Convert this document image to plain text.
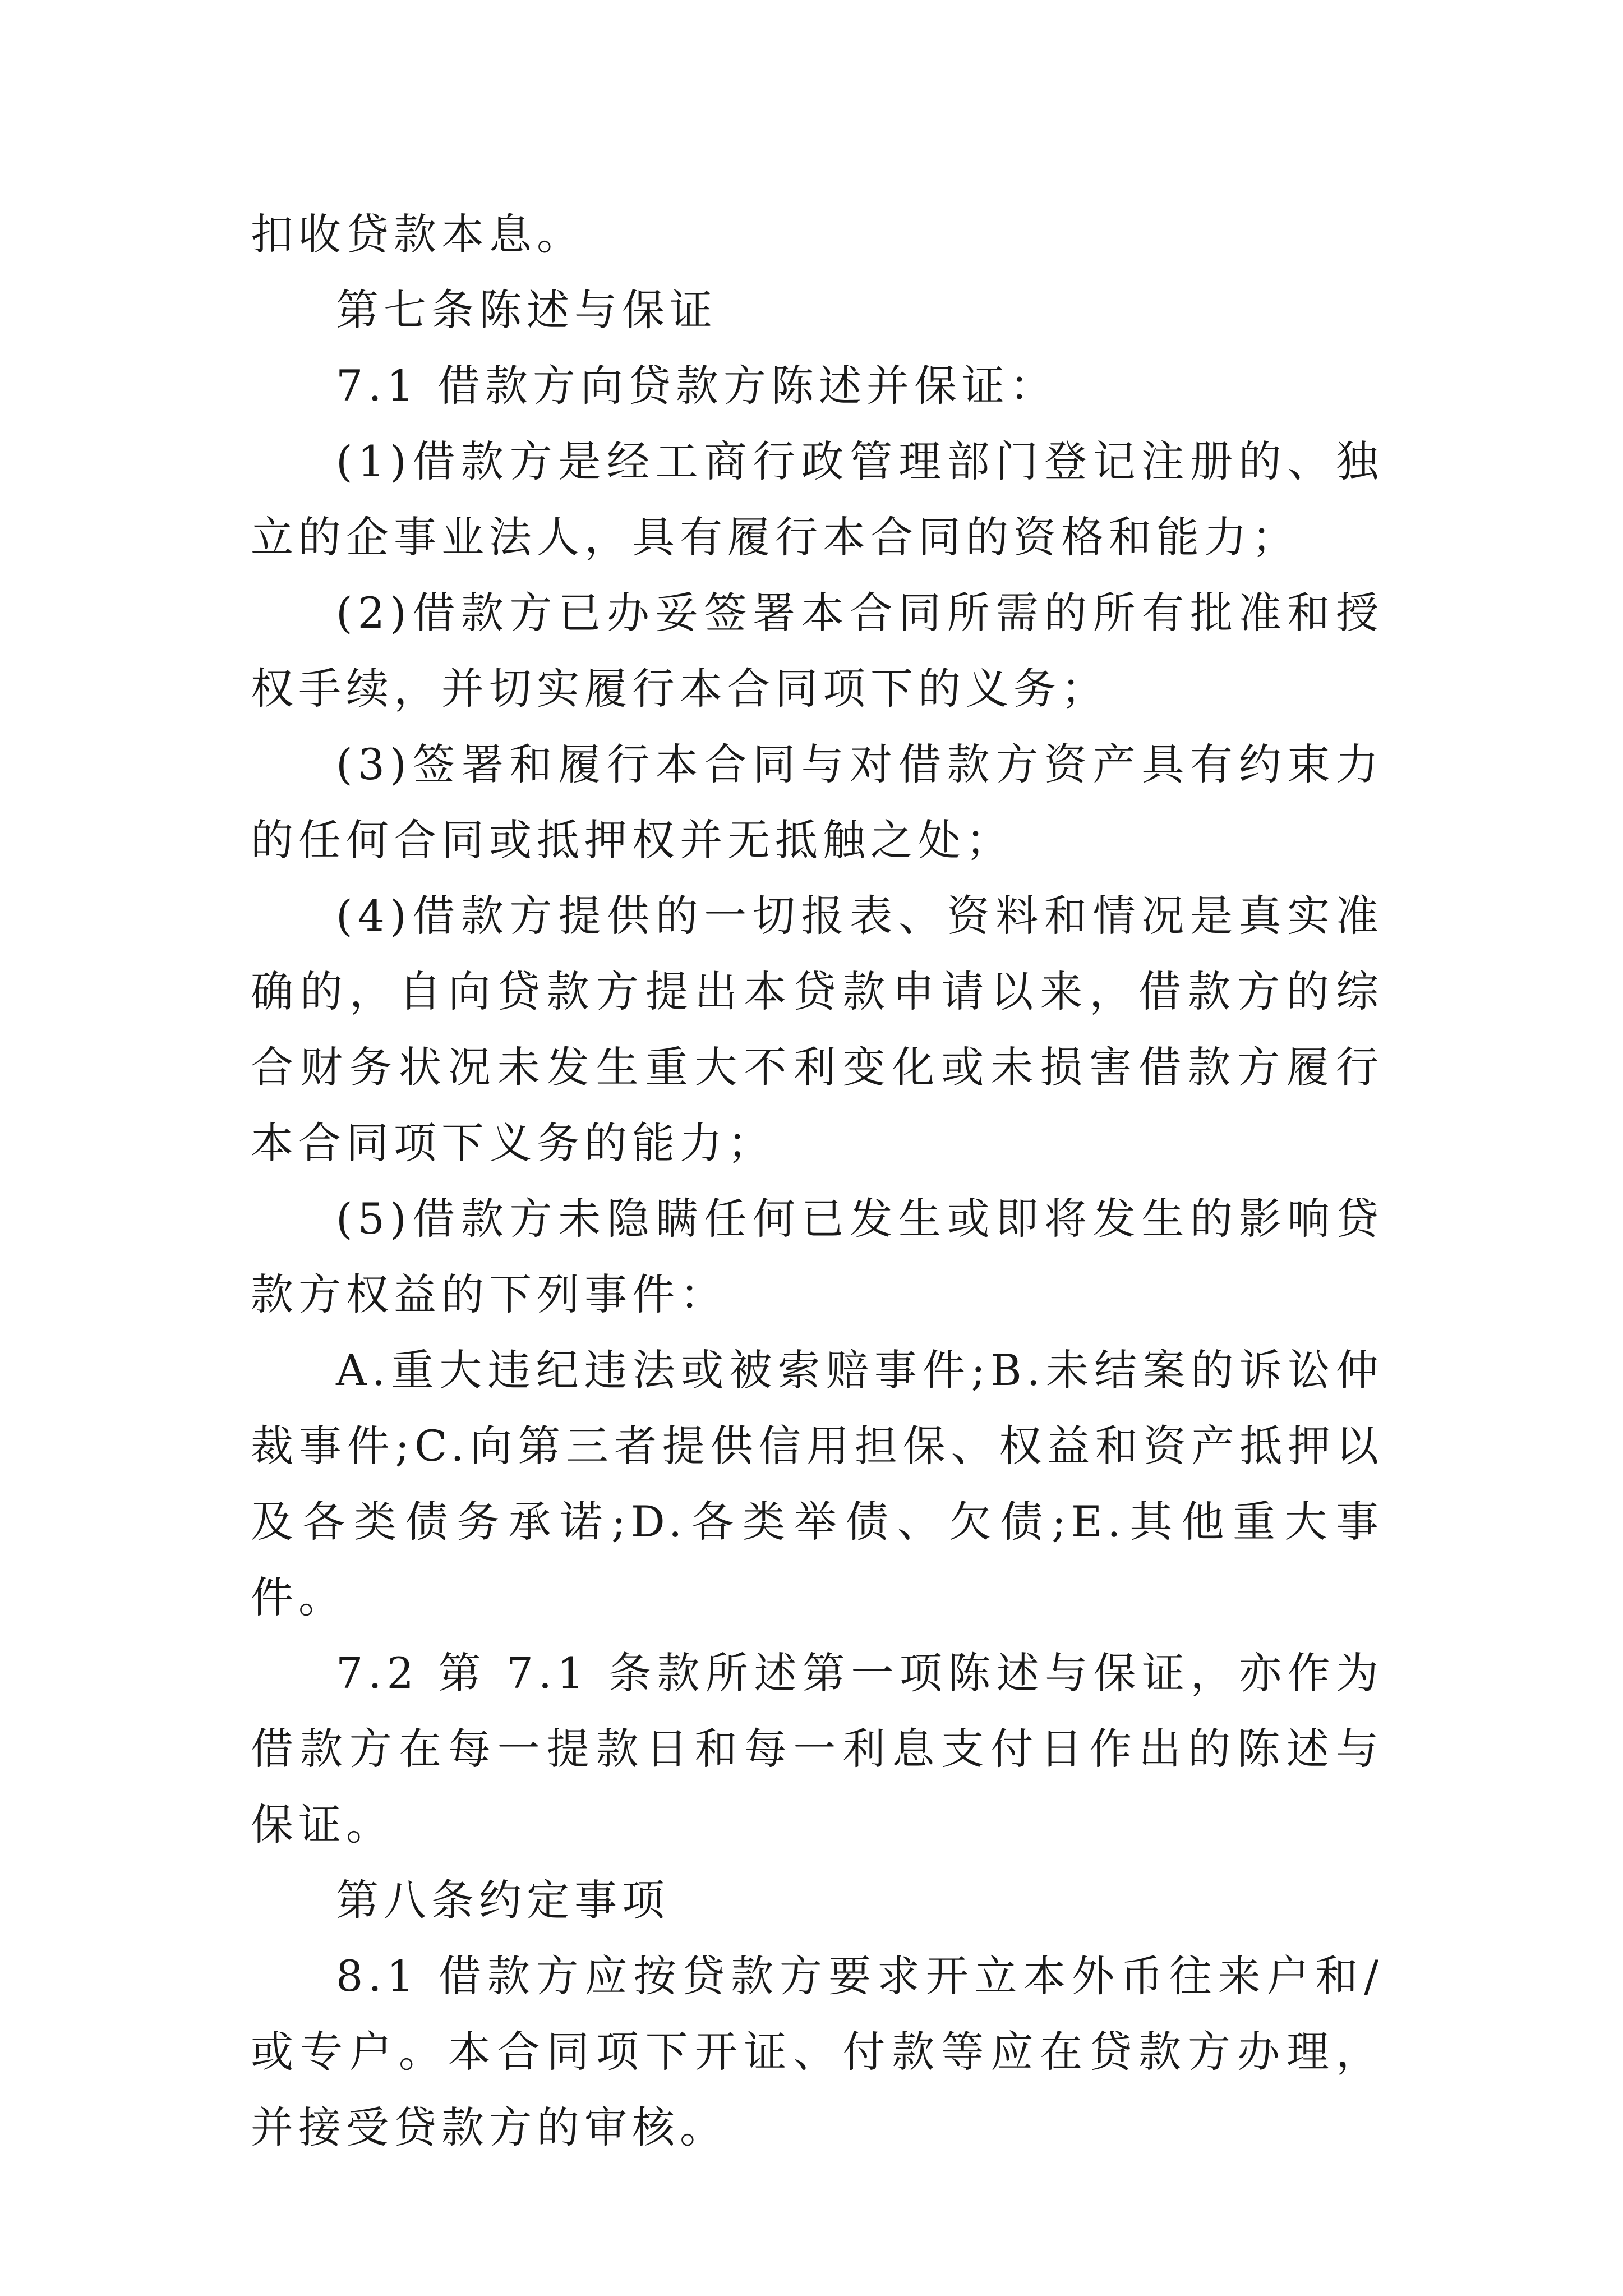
扣收贷款本息。

第七条陈述与保证

7.1 借款方向贷款方陈述并保证：

(1)借款方是经工商行政管理部门登记注册的、独立的企事业法人，具有履行本合同的资格和能力；

(2)借款方已办妥签署本合同所需的所有批准和授权手续，并切实履行本合同项下的义务；

(3)签署和履行本合同与对借款方资产具有约束力的任何合同或抵押权并无抵触之处；

(4)借款方提供的一切报表、资料和情况是真实准确的，自向贷款方提出本贷款申请以来，借款方的综合财务状况未发生重大不利变化或未损害借款方履行本合同项下义务的能力；

(5)借款方未隐瞒任何已发生或即将发生的影响贷款方权益的下列事件：

A.重大违纪违法或被索赔事件;B.未结案的诉讼仲裁事件;C.向第三者提供信用担保、权益和资产抵押以及各类债务承诺;D.各类举债、欠债;E.其他重大事件。

7.2 第 7.1 条款所述第一项陈述与保证，亦作为借款方在每一提款日和每一利息支付日作出的陈述与保证。

第八条约定事项

8.1 借款方应按贷款方要求开立本外币往来户和/或专户。本合同项下开证、付款等应在贷款方办理，并接受贷款方的审核。
